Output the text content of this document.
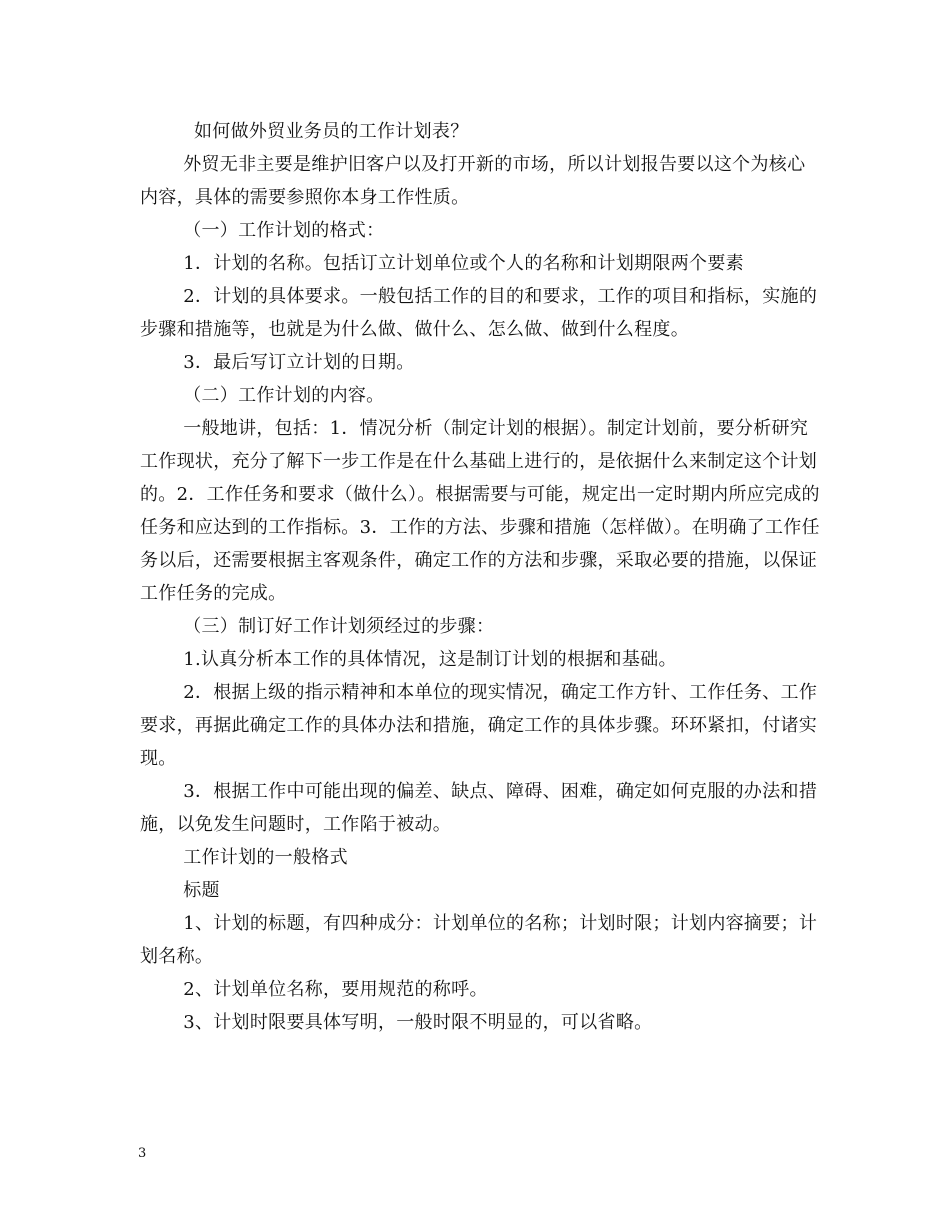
如何做外贸业务员的工作计划表？

外贸无非主要是维护旧客户以及打开新的市场，所以计划报告要以这个为核心内容，具体的需要参照你本身工作性质。

（一）工作计划的格式：

1．计划的名称。包括订立计划单位或个人的名称和计划期限两个要素

2．计划的具体要求。一般包括工作的目的和要求，工作的项目和指标，实施的步骤和措施等，也就是为什么做、做什么、怎么做、做到什么程度。

3．最后写订立计划的日期。

（二）工作计划的内容。

一般地讲，包括：1．情况分析（制定计划的根据）。制定计划前，要分析研究工作现状，充分了解下一步工作是在什么基础上进行的，是依据什么来制定这个计划的。2．工作任务和要求（做什么）。根据需要与可能，规定出一定时期内所应完成的任务和应达到的工作指标。3．工作的方法、步骤和措施（怎样做）。在明确了工作任务以后，还需要根据主客观条件，确定工作的方法和步骤，采取必要的措施，以保证工作任务的完成。

（三）制订好工作计划须经过的步骤：

1.认真分析本工作的具体情况，这是制订计划的根据和基础。

2．根据上级的指示精神和本单位的现实情况，确定工作方针、工作任务、工作要求，再据此确定工作的具体办法和措施，确定工作的具体步骤。环环紧扣，付诸实现。

3．根据工作中可能出现的偏差、缺点、障碍、困难，确定如何克服的办法和措施，以免发生问题时，工作陷于被动。

工作计划的一般格式

标题

1、计划的标题，有四种成分：计划单位的名称；计划时限；计划内容摘要；计划名称。

2、计划单位名称，要用规范的称呼。

3、计划时限要具体写明，一般时限不明显的，可以省略。

3
